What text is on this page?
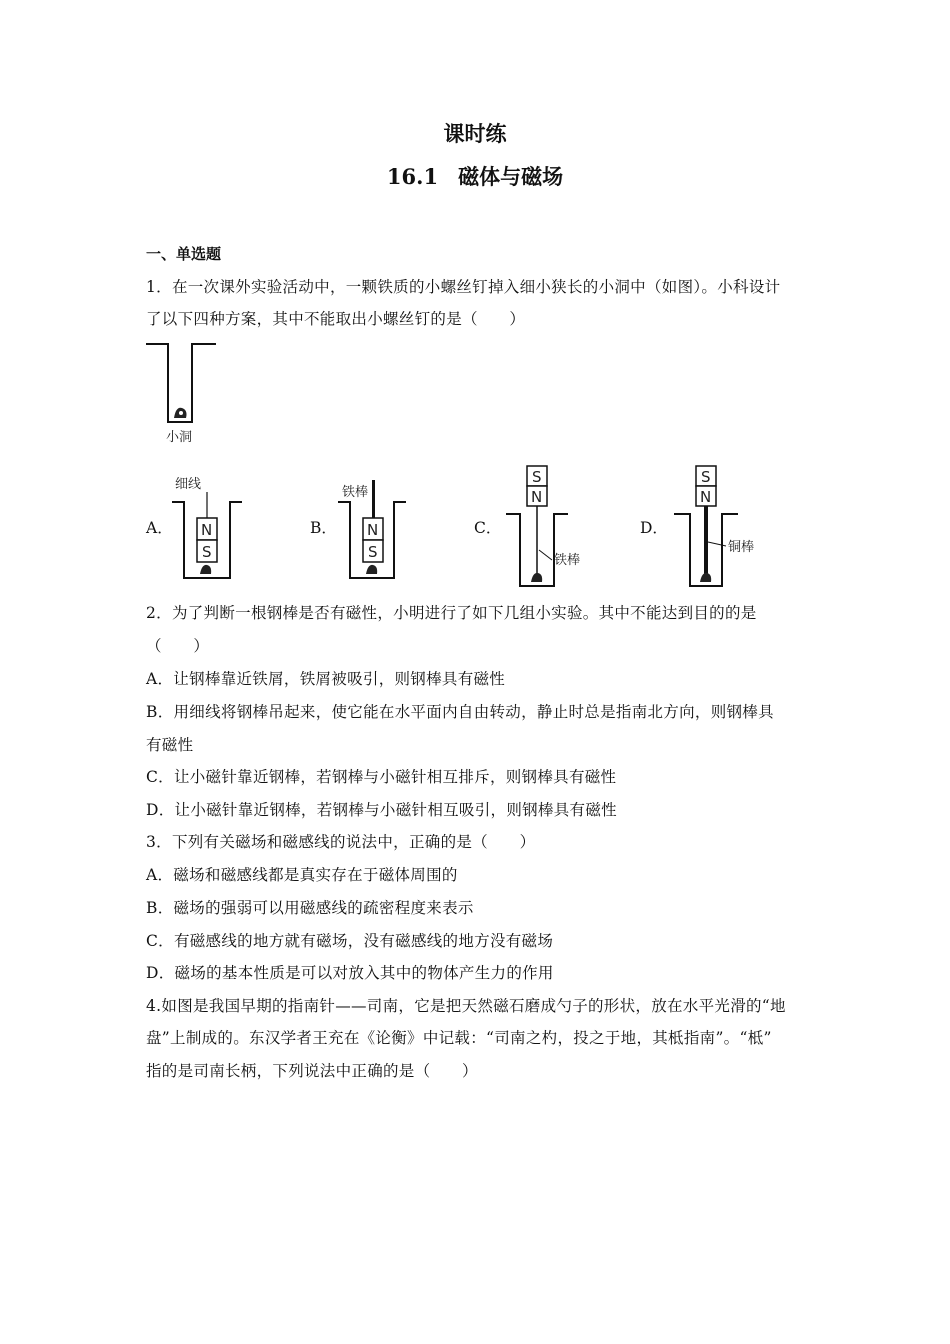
课时练
16.1 磁体与磁场
一、单选题
1．在一次课外实验活动中，一颗铁质的小螺丝钉掉入细小狭长的小洞中（如图）。小科设计
了以下四种方案，其中不能取出小螺丝钉的是（　　）
小洞
A．
细线
N
S
B．
铁棒
N
S
C．
S
N
铁棒
D．
S
N
铜棒
2．为了判断一根钢棒是否有磁性，小明进行了如下几组小实验。其中不能达到目的的是
（　　）
A．让钢棒靠近铁屑，铁屑被吸引，则钢棒具有磁性
B．用细线将钢棒吊起来，使它能在水平面内自由转动，静止时总是指南北方向，则钢棒具
有磁性
C．让小磁针靠近钢棒，若钢棒与小磁针相互排斥，则钢棒具有磁性
D．让小磁针靠近钢棒，若钢棒与小磁针相互吸引，则钢棒具有磁性
3．下列有关磁场和磁感线的说法中，正确的是（　　）
A．磁场和磁感线都是真实存在于磁体周围的
B．磁场的强弱可以用磁感线的疏密程度来表示
C．有磁感线的地方就有磁场，没有磁感线的地方没有磁场
D．磁场的基本性质是可以对放入其中的物体产生力的作用
4.如图是我国早期的指南针——司南，它是把天然磁石磨成勺子的形状，放在水平光滑的“地
盘”上制成的。东汉学者王充在《论衡》中记载：“司南之杓，投之于地，其柢指南”。“柢”
指的是司南长柄，下列说法中正确的是（　　）
